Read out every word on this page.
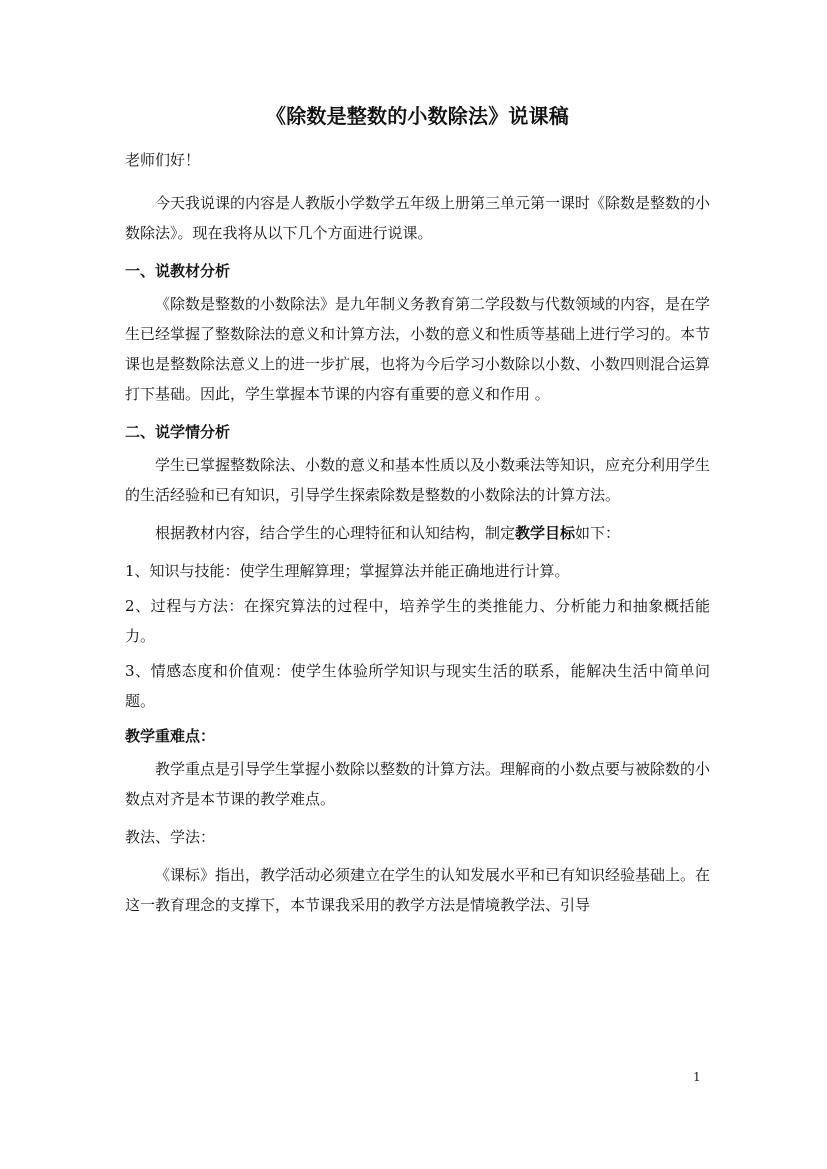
《除数是整数的小数除法》说课稿

老师们好！

今天我说课的内容是人教版小学数学五年级上册第三单元第一课时《除数是整数的小数除法》。现在我将从以下几个方面进行说课。

一、说教材分析

《除数是整数的小数除法》是九年制义务教育第二学段数与代数领域的内容，是在学生已经掌握了整数除法的意义和计算方法，小数的意义和性质等基础上进行学习的。本节课也是整数除法意义上的进一步扩展，也将为今后学习小数除以小数、小数四则混合运算打下基础。因此，学生掌握本节课的内容有重要的意义和作用 。

二、说学情分析

学生已掌握整数除法、小数的意义和基本性质以及小数乘法等知识，应充分利用学生的生活经验和已有知识，引导学生探索除数是整数的小数除法的计算方法。

根据教材内容，结合学生的心理特征和认知结构，制定教学目标如下：

1、知识与技能：使学生理解算理；掌握算法并能正确地进行计算。

2、过程与方法：在探究算法的过程中，培养学生的类推能力、分析能力和抽象概括能力。

3、情感态度和价值观：使学生体验所学知识与现实生活的联系，能解决生活中简单问题。

教学重难点：

教学重点是引导学生掌握小数除以整数的计算方法。理解商的小数点要与被除数的小数点对齐是本节课的教学难点。

教法、学法：

《课标》指出，教学活动必须建立在学生的认知发展水平和已有知识经验基础上。在这一教育理念的支撑下，本节课我采用的教学方法是情境教学法、引导

1
